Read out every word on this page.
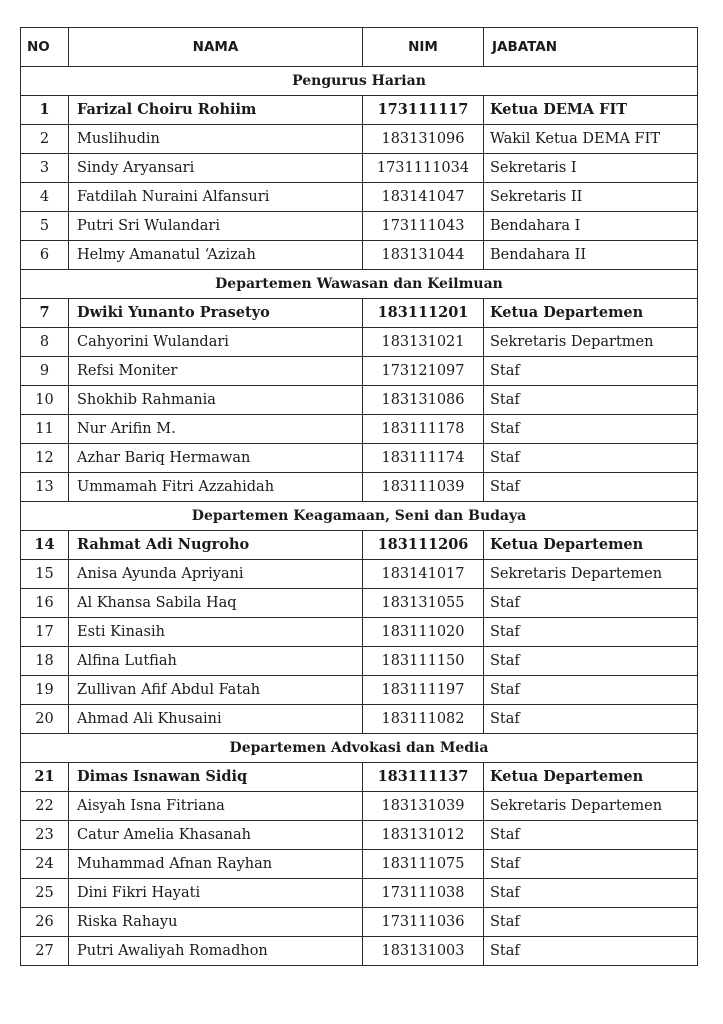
NO	NAMA	NIM	JABATAN
Pengurus Harian			
1	Farizal Choiru Rohiim	173111117	Ketua DEMA FIT
2	Muslihudin	183131096	Wakil Ketua DEMA FIT
3	Sindy Aryansari	1731111034	Sekretaris I
4	Fatdilah Nuraini Alfansuri	183141047	Sekretaris II
5	Putri Sri Wulandari	173111043	Bendahara I
6	Helmy Amanatul ‘Azizah	183131044	Bendahara II
Departemen Wawasan dan Keilmuan			
7	Dwiki Yunanto Prasetyo	183111201	Ketua Departemen
8	Cahyorini Wulandari	183131021	Sekretaris Departmen
9	Refsi Moniter	173121097	Staf
10	Shokhib Rahmania	183131086	Staf
11	Nur Arifin M.	183111178	Staf
12	Azhar Bariq Hermawan	183111174	Staf
13	Ummamah Fitri Azzahidah	183111039	Staf
Departemen Keagamaan, Seni dan Budaya			
14	Rahmat Adi Nugroho	183111206	Ketua Departemen
15	Anisa Ayunda Apriyani	183141017	Sekretaris Departemen
16	Al Khansa Sabila Haq	183131055	Staf
17	Esti Kinasih	183111020	Staf
18	Alfina Lutfiah	183111150	Staf
19	Zullivan Afif Abdul Fatah	183111197	Staf
20	Ahmad Ali Khusaini	183111082	Staf
Departemen Advokasi dan Media			
21	Dimas Isnawan Sidiq	183111137	Ketua Departemen
22	Aisyah Isna Fitriana	183131039	Sekretaris Departemen
23	Catur Amelia Khasanah	183131012	Staf
24	Muhammad Afnan Rayhan	183111075	Staf
25	Dini Fikri Hayati	173111038	Staf
26	Riska Rahayu	173111036	Staf
27	Putri Awaliyah Romadhon	183131003	Staf
